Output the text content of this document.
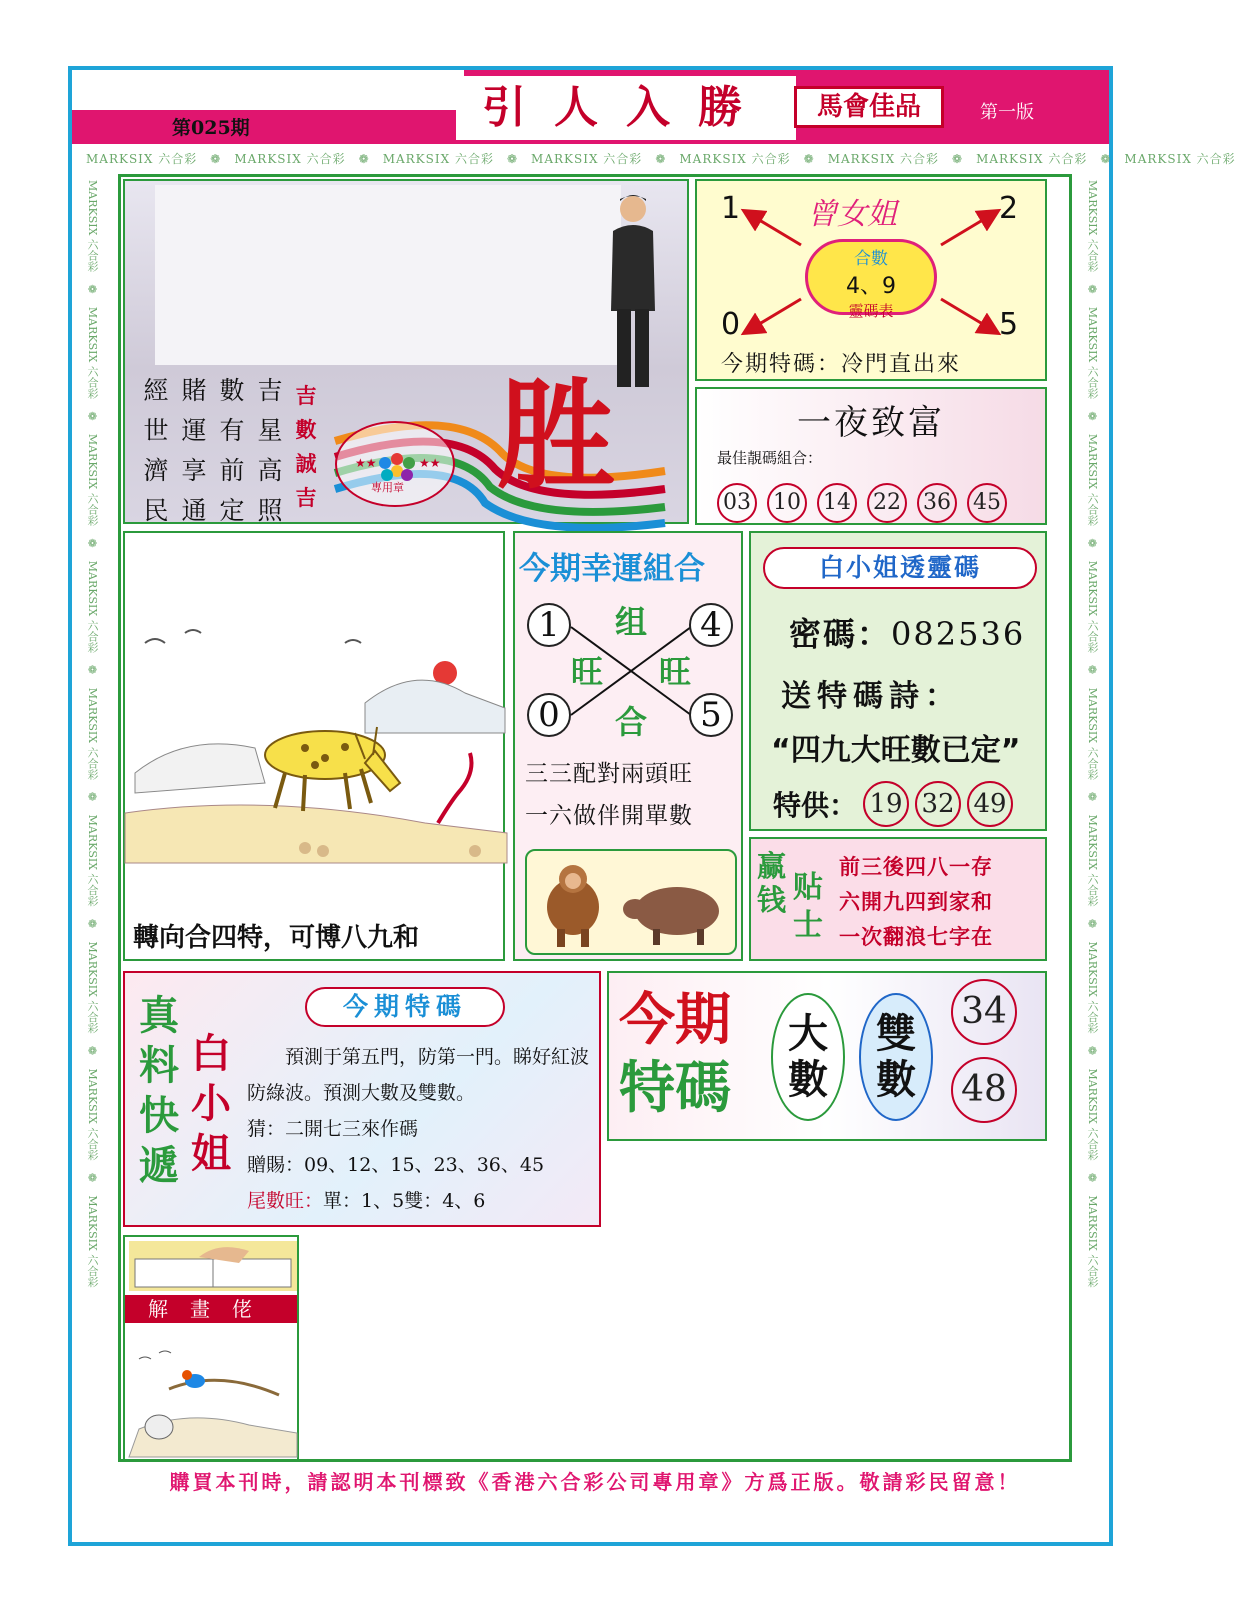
第025期	引人入勝	馬會佳品	第一版
MARKSIX 六合彩　❁　MARKSIX 六合彩　❁　MARKSIX 六合彩　❁　MARKSIX 六合彩　❁　MARKSIX 六合彩　❁　MARKSIX 六合彩　❁　MARKSIX 六合彩　❁　MARKSIX 六合彩
MARKSIX 六合彩　❁　MARKSIX 六合彩　❁　MARKSIX 六合彩　❁　MARKSIX 六合彩　❁　MARKSIX 六合彩　❁　MARKSIX 六合彩　❁　MARKSIX 六合彩　❁　MARKSIX 六合彩　❁　MARKSIX 六合彩
MARKSIX 六合彩　❁　MARKSIX 六合彩　❁　MARKSIX 六合彩　❁　MARKSIX 六合彩　❁　MARKSIX 六合彩　❁　MARKSIX 六合彩　❁　MARKSIX 六合彩　❁　MARKSIX 六合彩　❁　MARKSIX 六合彩
經世濟民
賭運享通
數有前定
吉星高照
吉數誠吉
★★	★★
專用章 胜
曾女姐
1	2
0	5
合數
4、9
靈碼表
今期特碼：冷門直出來
一夜致富
最佳靚碼組合：
03 10 14 22 36 45
轉向合四特，可博八九和
今期幸運組合
1	4
0	5
组
旺 旺
合
三三配對兩頭旺
一六做伴開單數
白小姐透靈碼
密碼：082536
送特碼詩：
“四九大旺數已定”
特供： 19 32 49
赢钱 贴士
前三後四八一存
六開九四到家和
一次翻浪七字在
真料快遞
白小姐
今期特碼
預測于第五門，防第一門。睇好紅波防綠波。預測大數及雙數。
猜：二開七三來作碼
贈賜：09、12、15、23、36、45
尾數旺：單：1、5雙：4、6
今期
特碼
大數
雙數
34
48
解畫佬
購買本刊時，請認明本刊標致《香港六合彩公司專用章》方爲正版。敬請彩民留意！
